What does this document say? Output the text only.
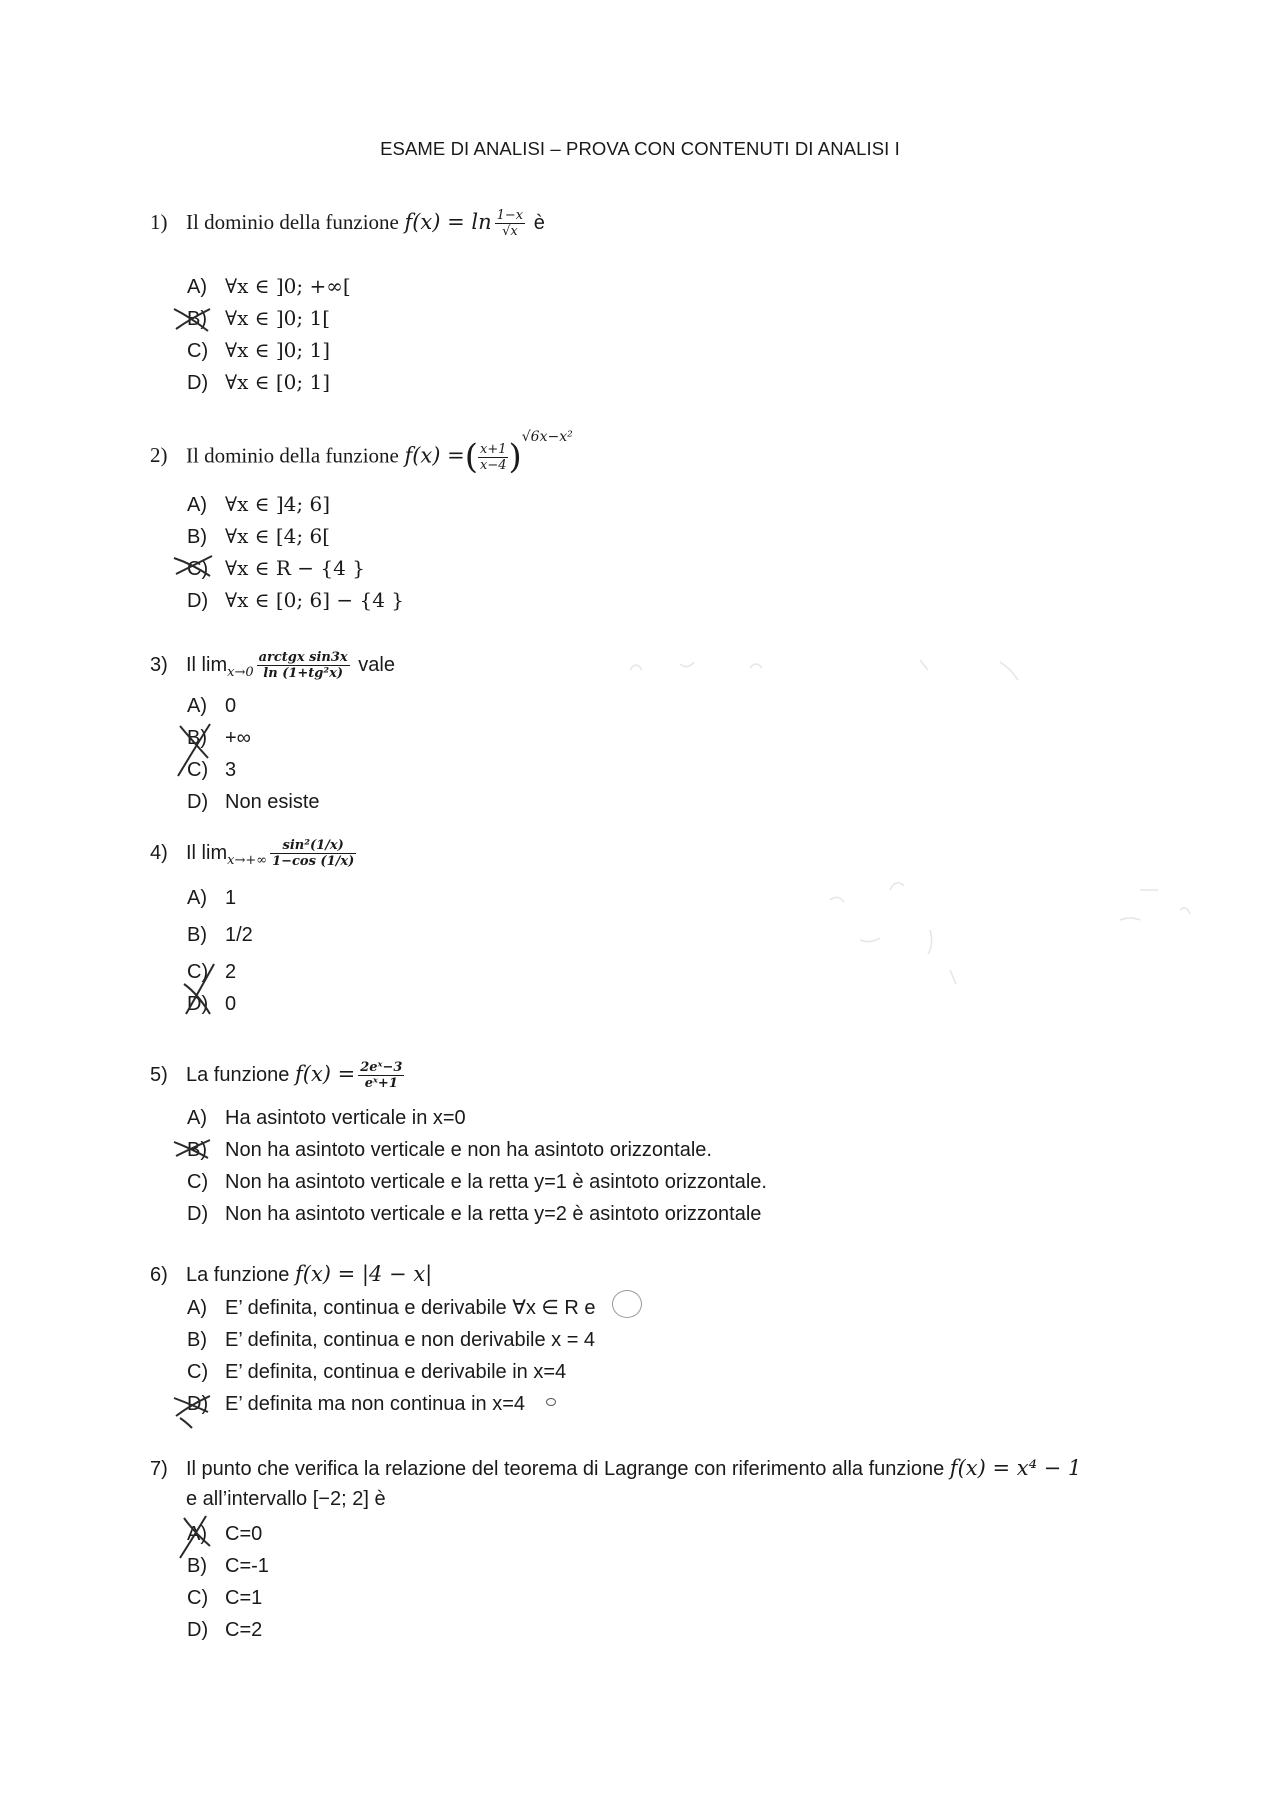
ESAME DI ANALISI – PROVA CON CONTENUTI DI ANALISI I
1) Il dominio della funzione $f(x) = \ln \frac{1-x}{√x}$ è
A) ∀x ∈ ]0; +∞[
B) ∀x ∈ ]0; 1[
C) ∀x ∈ ]0; 1]
D) ∀x ∈ [0; 1]
2) Il dominio della funzione f(x) =( $\frac{x+1}{x-4} )^{√6x-x^2}$
A) ∀x ∈ ]4; 6]
B) ∀x ∈ [4; 6[
C) ∀x ∈ R − {4 }
D) ∀x ∈ [0; 6] − {4 }
3) Il $\lim_{x\to 0} \frac{\text{arctgx sin3x}}{\text{ln (1+tg²x)}}$ vale
A) 0
B) +∞
C) 3
D) Non esiste
4) Il $\lim_{x\to+\infty} \frac{\text{sin²(1/x)}}{1-\cos (1/x)}$
A) 1
B) 1/2
C) 2
D) 0
5) La funzione $f(x) = \frac{\text{2eˣ−3}}{\text{eˣ+1}}$
A) Ha asintoto verticale in x=0
B) Non ha asintoto verticale e non ha asintoto orizzontale.
C) Non ha asintoto verticale e la retta y=1 è asintoto orizzontale.
D) Non ha asintoto verticale e la retta y=2 è asintoto orizzontale
6) La funzione f(x) = |4 − x|
A) E’ definita, continua e derivabile ∀x ∈ R e
B) E’ definita, continua e non derivabile x = 4
C) E’ definita, continua e derivabile in x=4
D) E’ definita ma non continua in x=4
7) Il punto che verifica la relazione del teorema di Lagrange con riferimento alla funzione f(x) = x⁴ − 1
e all’intervallo [−2; 2] è
A) C=0
B) C=-1
C) C=1
D) C=2
